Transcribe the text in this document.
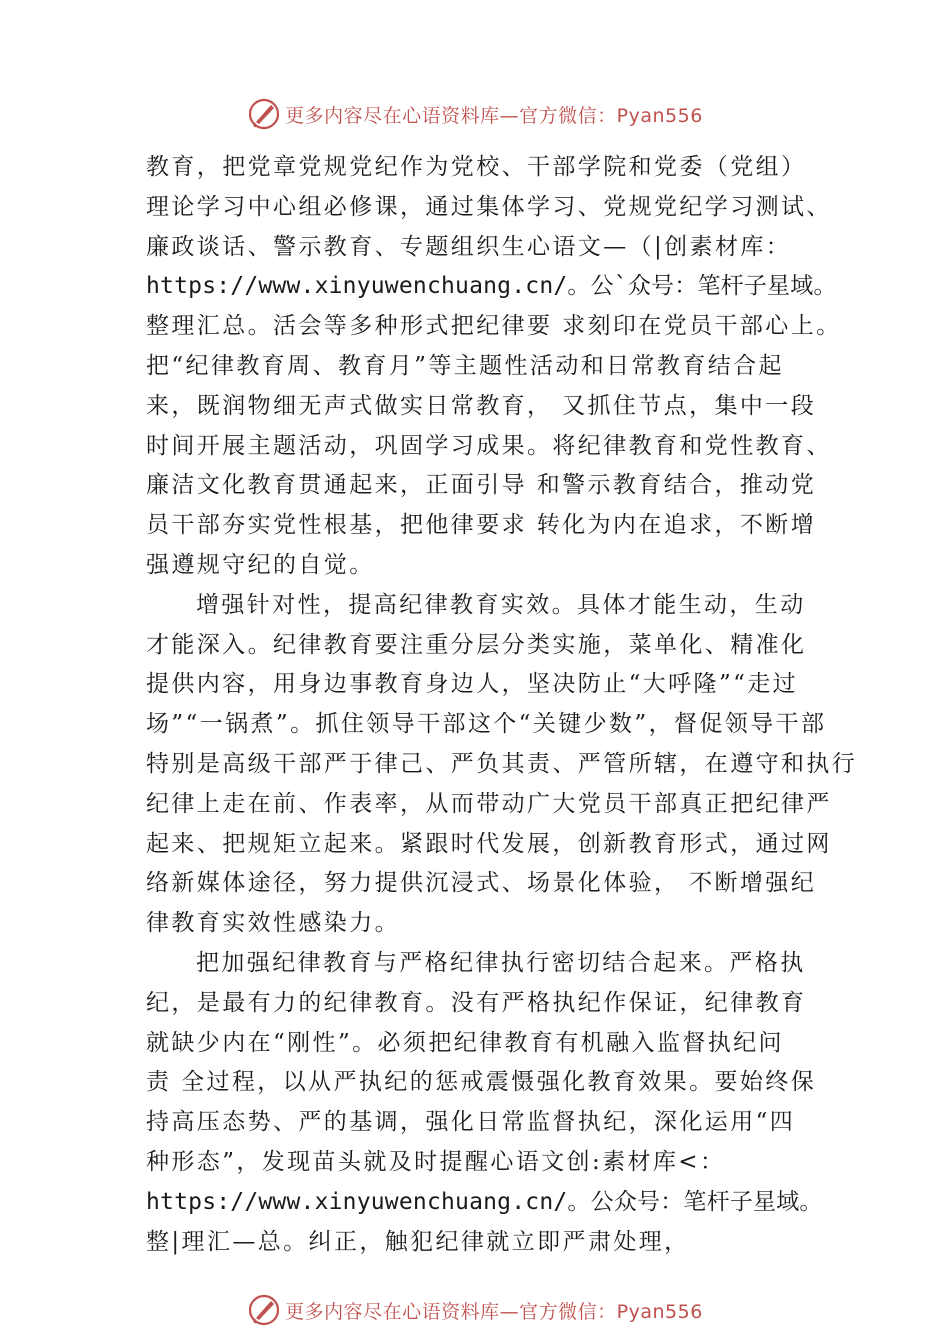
更多内容尽在心语资料库—官方微信：Pyan556
教育，把党章党规党纪作为党校、干部学院和党委（党组）
理论学习中心组必修课，通过集体学习、党规党纪学习测试、
廉政谈话、警示教育、专题组织生心语文—（|创素材库：
https://www.xinyuwenchuang.cn/。公`众号：笔杆子星域。
整理汇总。活会等多种形式把纪律要 求刻印在党员干部心上。
把“纪律教育周、教育月”等主题性活动和日常教育结合起
来，既润物细无声式做实日常教育， 又抓住节点，集中一段
时间开展主题活动，巩固学习成果。将纪律教育和党性教育、
廉洁文化教育贯通起来，正面引导 和警示教育结合，推动党
员干部夯实党性根基，把他律要求 转化为内在追求，不断增
强遵规守纪的自觉。
增强针对性，提高纪律教育实效。具体才能生动，生动
才能深入。纪律教育要注重分层分类实施，菜单化、精准化
提供内容，用身边事教育身边人，坚决防止“大呼隆”“走过
场”“一锅煮”。抓住领导干部这个“关键少数”，督促领导干部
特别是高级干部严于律己、严负其责、严管所辖，在遵守和执行
纪律上走在前、作表率，从而带动广大党员干部真正把纪律严
起来、把规矩立起来。紧跟时代发展，创新教育形式，通过网
络新媒体途径，努力提供沉浸式、场景化体验， 不断增强纪
律教育实效性感染力。
把加强纪律教育与严格纪律执行密切结合起来。严格执
纪，是最有力的纪律教育。没有严格执纪作保证，纪律教育
就缺少内在“刚性”。必须把纪律教育有机融入监督执纪问
责 全过程，以从严执纪的惩戒震慑强化教育效果。要始终保
持高压态势、严的基调，强化日常监督执纪，深化运用“四
种形态”，发现苗头就及时提醒心语文创:素材库<：
https://www.xinyuwenchuang.cn/。公众号：笔杆子星域。
整|理汇—总。纠正，触犯纪律就立即严肃处理，
更多内容尽在心语资料库—官方微信：Pyan556
